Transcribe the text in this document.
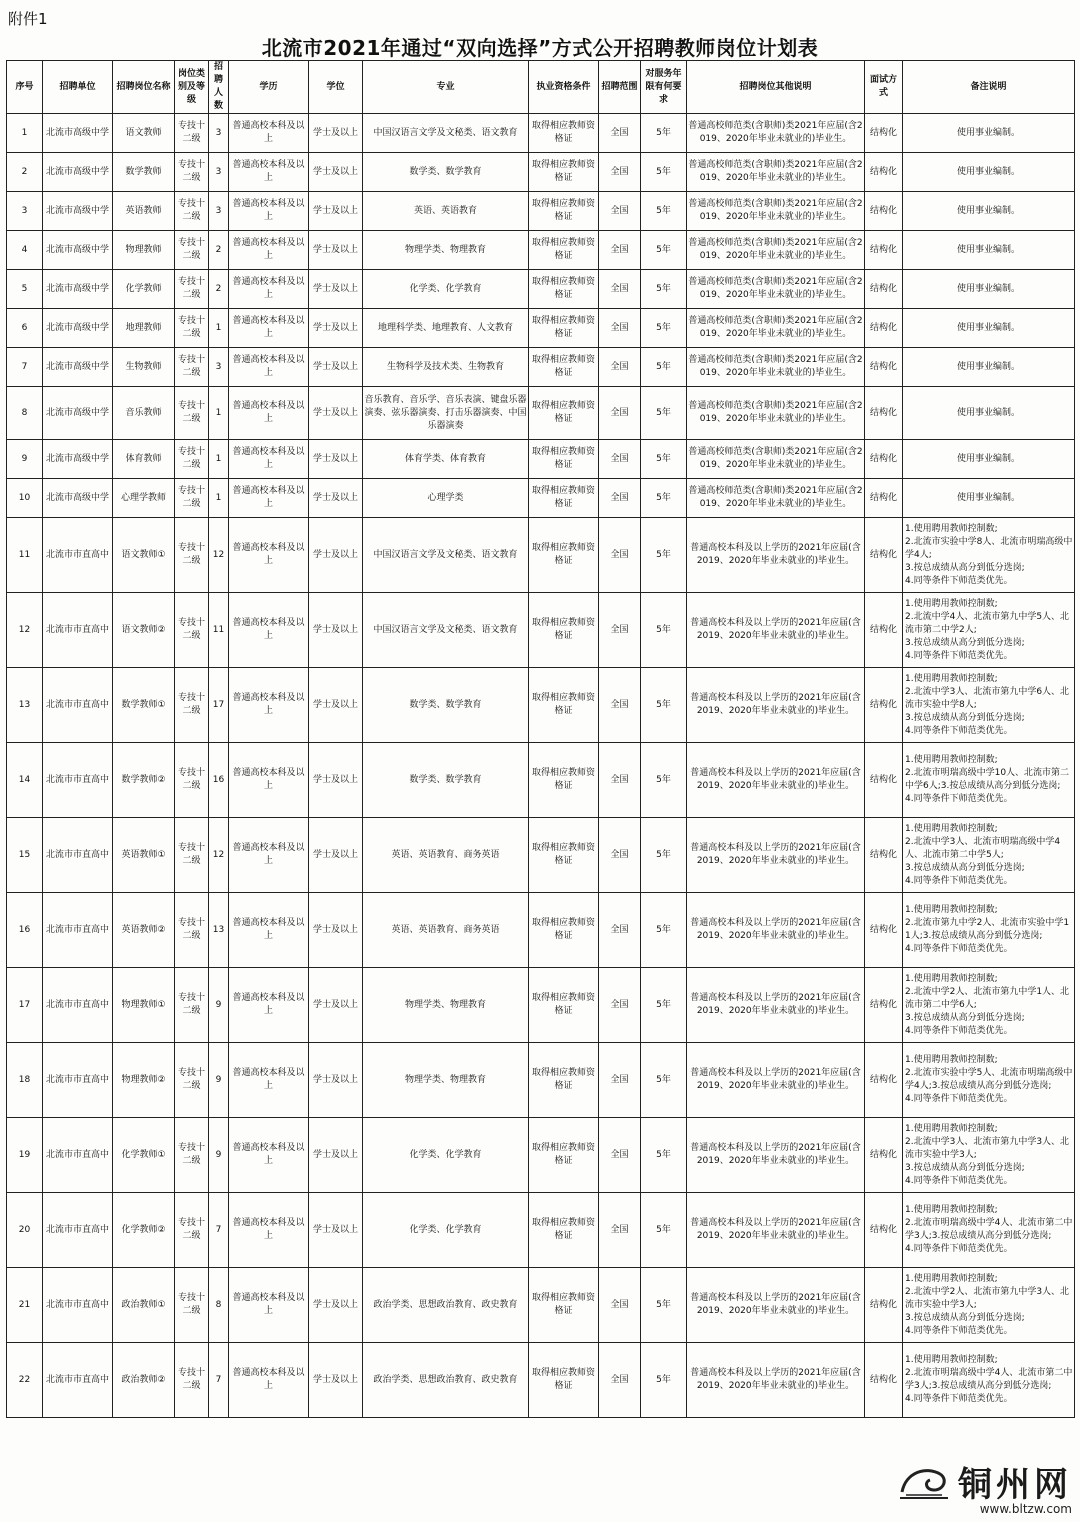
附件1
北流市2021年通过“双向选择”方式公开招聘教师岗位计划表
序号	招聘单位	招聘岗位名称	岗位类别及等级	招聘人数	学历	学位	专业	执业资格条件	招聘范围	对服务年限有何要求	招聘岗位其他说明	面试方式	备注说明
1	北流市高级中学	语文教师	专技十二级	3	普通高校本科及以上	学士及以上	中国汉语言文学及文秘类、语文教育	取得相应教师资格证	全国	5年	普通高校师范类(含职师)类2021年应届(含2019、2020年毕业未就业的)毕业生。	结构化	使用事业编制。

2	北流市高级中学	数学教师	专技十二级	3	普通高校本科及以上	学士及以上	数学类、数学教育	取得相应教师资格证	全国	5年	普通高校师范类(含职师)类2021年应届(含2019、2020年毕业未就业的)毕业生。	结构化	使用事业编制。

3	北流市高级中学	英语教师	专技十二级	3	普通高校本科及以上	学士及以上	英语、英语教育	取得相应教师资格证	全国	5年	普通高校师范类(含职师)类2021年应届(含2019、2020年毕业未就业的)毕业生。	结构化	使用事业编制。

4	北流市高级中学	物理教师	专技十二级	2	普通高校本科及以上	学士及以上	物理学类、物理教育	取得相应教师资格证	全国	5年	普通高校师范类(含职师)类2021年应届(含2019、2020年毕业未就业的)毕业生。	结构化	使用事业编制。

5	北流市高级中学	化学教师	专技十二级	2	普通高校本科及以上	学士及以上	化学类、化学教育	取得相应教师资格证	全国	5年	普通高校师范类(含职师)类2021年应届(含2019、2020年毕业未就业的)毕业生。	结构化	使用事业编制。

6	北流市高级中学	地理教师	专技十二级	1	普通高校本科及以上	学士及以上	地理科学类、地理教育、人文教育	取得相应教师资格证	全国	5年	普通高校师范类(含职师)类2021年应届(含2019、2020年毕业未就业的)毕业生。	结构化	使用事业编制。

7	北流市高级中学	生物教师	专技十二级	3	普通高校本科及以上	学士及以上	生物科学及技术类、生物教育	取得相应教师资格证	全国	5年	普通高校师范类(含职师)类2021年应届(含2019、2020年毕业未就业的)毕业生。	结构化	使用事业编制。

8	北流市高级中学	音乐教师	专技十二级	1	普通高校本科及以上	学士及以上	音乐教育、音乐学、音乐表演、键盘乐器演奏、弦乐器演奏、打击乐器演奏、中国乐器演奏	取得相应教师资格证	全国	5年	普通高校师范类(含职师)类2021年应届(含2019、2020年毕业未就业的)毕业生。	结构化	使用事业编制。

9	北流市高级中学	体育教师	专技十二级	1	普通高校本科及以上	学士及以上	体育学类、体育教育	取得相应教师资格证	全国	5年	普通高校师范类(含职师)类2021年应届(含2019、2020年毕业未就业的)毕业生。	结构化	使用事业编制。

10	北流市高级中学	心理学教师	专技十二级	1	普通高校本科及以上	学士及以上	心理学类	取得相应教师资格证	全国	5年	普通高校师范类(含职师)类2021年应届(含2019、2020年毕业未就业的)毕业生。	结构化	使用事业编制。

11	北流市市直高中	语文教师①	专技十二级	12	普通高校本科及以上	学士及以上	中国汉语言文学及文秘类、语文教育	取得相应教师资格证	全国	5年	普通高校本科及以上学历的2021年应届(含2019、2020年毕业未就业的)毕业生。	结构化	1.使用聘用教师控制数;
2.北流市实验中学8人、北流市明瑞高级中学4人;
3.按总成绩从高分到低分选岗;
4.同等条件下师范类优先。

12	北流市市直高中	语文教师②	专技十二级	11	普通高校本科及以上	学士及以上	中国汉语言文学及文秘类、语文教育	取得相应教师资格证	全国	5年	普通高校本科及以上学历的2021年应届(含2019、2020年毕业未就业的)毕业生。	结构化	1.使用聘用教师控制数;
2.北流中学4人、北流市第九中学5人、北流市第二中学2人;
3.按总成绩从高分到低分选岗;
4.同等条件下师范类优先。

13	北流市市直高中	数学教师①	专技十二级	17	普通高校本科及以上	学士及以上	数学类、数学教育	取得相应教师资格证	全国	5年	普通高校本科及以上学历的2021年应届(含2019、2020年毕业未就业的)毕业生。	结构化	1.使用聘用教师控制数;
2.北流中学3人、北流市第九中学6人、北流市实验中学8人;
3.按总成绩从高分到低分选岗;
4.同等条件下师范类优先。

14	北流市市直高中	数学教师②	专技十二级	16	普通高校本科及以上	学士及以上	数学类、数学教育	取得相应教师资格证	全国	5年	普通高校本科及以上学历的2021年应届(含2019、2020年毕业未就业的)毕业生。	结构化	1.使用聘用教师控制数;
2.北流市明瑞高级中学10人、北流市第二中学6人;3.按总成绩从高分到低分选岗;
4.同等条件下师范类优先。

15	北流市市直高中	英语教师①	专技十二级	12	普通高校本科及以上	学士及以上	英语、英语教育、商务英语	取得相应教师资格证	全国	5年	普通高校本科及以上学历的2021年应届(含2019、2020年毕业未就业的)毕业生。	结构化	1.使用聘用教师控制数;
2.北流中学3人、北流市明瑞高级中学4人、北流市第二中学5人;
3.按总成绩从高分到低分选岗;
4.同等条件下师范类优先。

16	北流市市直高中	英语教师②	专技十二级	13	普通高校本科及以上	学士及以上	英语、英语教育、商务英语	取得相应教师资格证	全国	5年	普通高校本科及以上学历的2021年应届(含2019、2020年毕业未就业的)毕业生。	结构化	1.使用聘用教师控制数;
2.北流市第九中学2人、北流市实验中学11人;3.按总成绩从高分到低分选岗;
4.同等条件下师范类优先。

17	北流市市直高中	物理教师①	专技十二级	9	普通高校本科及以上	学士及以上	物理学类、物理教育	取得相应教师资格证	全国	5年	普通高校本科及以上学历的2021年应届(含2019、2020年毕业未就业的)毕业生。	结构化	1.使用聘用教师控制数;
2.北流中学2人、北流市第九中学1人、北流市第二中学6人;
3.按总成绩从高分到低分选岗;
4.同等条件下师范类优先。

18	北流市市直高中	物理教师②	专技十二级	9	普通高校本科及以上	学士及以上	物理学类、物理教育	取得相应教师资格证	全国	5年	普通高校本科及以上学历的2021年应届(含2019、2020年毕业未就业的)毕业生。	结构化	1.使用聘用教师控制数;
2.北流市实验中学5人、北流市明瑞高级中学4人;3.按总成绩从高分到低分选岗;
4.同等条件下师范类优先。

19	北流市市直高中	化学教师①	专技十二级	9	普通高校本科及以上	学士及以上	化学类、化学教育	取得相应教师资格证	全国	5年	普通高校本科及以上学历的2021年应届(含2019、2020年毕业未就业的)毕业生。	结构化	1.使用聘用教师控制数;
2.北流中学3人、北流市第九中学3人、北流市实验中学3人;
3.按总成绩从高分到低分选岗;
4.同等条件下师范类优先。

20	北流市市直高中	化学教师②	专技十二级	7	普通高校本科及以上	学士及以上	化学类、化学教育	取得相应教师资格证	全国	5年	普通高校本科及以上学历的2021年应届(含2019、2020年毕业未就业的)毕业生。	结构化	1.使用聘用教师控制数;
2.北流市明瑞高级中学4人、北流市第二中学3人;3.按总成绩从高分到低分选岗;
4.同等条件下师范类优先。

21	北流市市直高中	政治教师①	专技十二级	8	普通高校本科及以上	学士及以上	政治学类、思想政治教育、政史教育	取得相应教师资格证	全国	5年	普通高校本科及以上学历的2021年应届(含2019、2020年毕业未就业的)毕业生。	结构化	1.使用聘用教师控制数;
2.北流中学2人、北流市第九中学3人、北流市实验中学3人;
3.按总成绩从高分到低分选岗;
4.同等条件下师范类优先。

22	北流市市直高中	政治教师②	专技十二级	7	普通高校本科及以上	学士及以上	政治学类、思想政治教育、政史教育	取得相应教师资格证	全国	5年	普通高校本科及以上学历的2021年应届(含2019、2020年毕业未就业的)毕业生。	结构化	1.使用聘用教师控制数;
2.北流市明瑞高级中学4人、北流市第二中学3人;3.按总成绩从高分到低分选岗;
4.同等条件下师范类优先。
铜州网
www.bltzw.com
